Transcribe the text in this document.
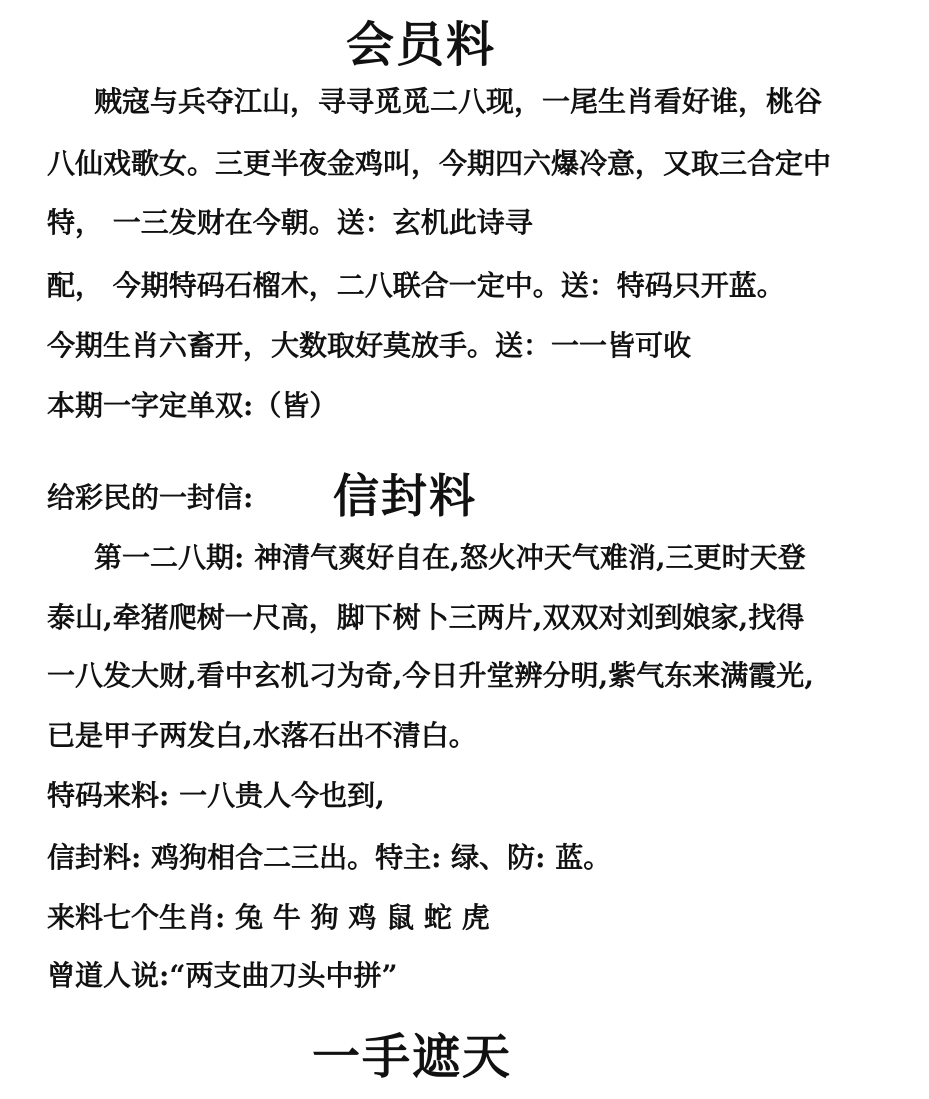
会员料
贼寇与兵夺江山，寻寻觅觅二八现，一尾生肖看好谁，桃谷
八仙戏歌女。三更半夜金鸡叫，今期四六爆冷意，又取三合定中
特， 一三发财在今朝。送：玄机此诗寻
配， 今期特码石榴木，二八联合一定中。送：特码只开蓝。
今期生肖六畜开，大数取好莫放手。送：一一皆可收
本期一字定单双:（皆）
给彩民的一封信: 信封料
第一二八期: 神清气爽好自在,怒火冲天气难消,三更时天登
泰山,牵猪爬树一尺高，脚下树卜三两片,双双对刘到娘家,找得
一八发大财,看中玄机刁为奇,今日升堂辨分明,紫气东来满霞光,
已是甲子两发白,水落石出不清白。
特码来料: 一八贵人今也到,
信封料: 鸡狗相合二三出。特主: 绿、防: 蓝。
来料七个生肖: 兔 牛 狗 鸡 鼠 蛇 虎
曾道人说:“两支曲刀头中拼”
一手遮天
